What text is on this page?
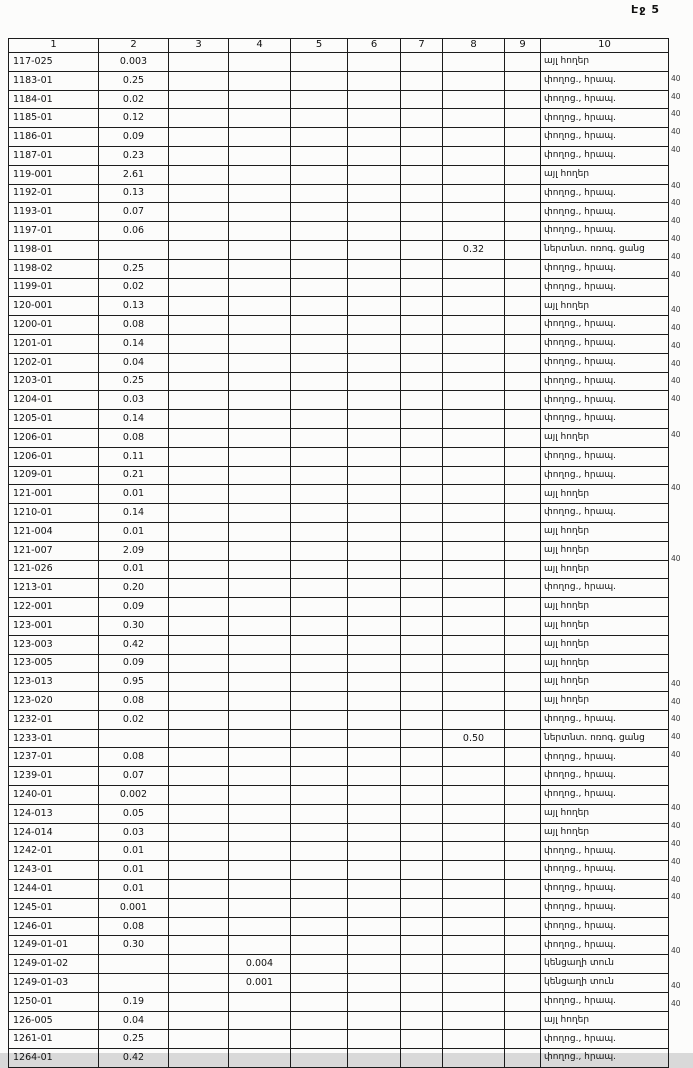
Էջ 5
1	2	3	4	5	6	7	8	9	10
117-025	0.003								այլ հողեր
1183-01	0.25								փողոց., հրապ.
1184-01	0.02								փողոց., հրապ.
1185-01	0.12								փողոց., հրապ.
1186-01	0.09								փողոց., հրապ.
1187-01	0.23								փողոց., հրապ.
119-001	2.61								այլ հողեր
1192-01	0.13								փողոց., հրապ.
1193-01	0.07								փողոց., հրապ.
1197-01	0.06								փողոց., հրապ.
1198-01							0.32		ներտնտ. ոռոգ. ցանց
1198-02	0.25								փողոց., հրապ.
1199-01	0.02								փողոց., հրապ.
120-001	0.13								այլ հողեր
1200-01	0.08								փողոց., հրապ.
1201-01	0.14								փողոց., հրապ.
1202-01	0.04								փողոց., հրապ.
1203-01	0.25								փողոց., հրապ.
1204-01	0.03								փողոց., հրապ.
1205-01	0.14								փողոց., հրապ.
1206-01	0.08								այլ հողեր
1206-01	0.11								փողոց., հրապ.
1209-01	0.21								փողոց., հրապ.
121-001	0.01								այլ հողեր
1210-01	0.14								փողոց., հրապ.
121-004	0.01								այլ հողեր
121-007	2.09								այլ հողեր
121-026	0.01								այլ հողեր
1213-01	0.20								փողոց., հրապ.
122-001	0.09								այլ հողեր
123-001	0.30								այլ հողեր
123-003	0.42								այլ հողեր
123-005	0.09								այլ հողեր
123-013	0.95								այլ հողեր
123-020	0.08								այլ հողեր
1232-01	0.02								փողոց., հրապ.
1233-01							0.50		ներտնտ. ոռոգ. ցանց
1237-01	0.08								փողոց., հրապ.
1239-01	0.07								փողոց., հրապ.
1240-01	0.002								փողոց., հրապ.
124-013	0.05								այլ հողեր
124-014	0.03								այլ հողեր
1242-01	0.01								փողոց., հրապ.
1243-01	0.01								փողոց., հրապ.
1244-01	0.01								փողոց., հրապ.
1245-01	0.001								փողոց., հրապ.
1246-01	0.08								փողոց., հրապ.
1249-01-01	0.30								փողոց., հրապ.
1249-01-02			0.004						կենցաղի տուն
1249-01-03			0.001						կենցաղի տուն
1250-01	0.19								փողոց., հրապ.
126-005	0.04								այլ հողեր
1261-01	0.25								փողոց., հրապ.
1264-01	0.42								փողոց., հրապ.
40
40
40
40
40
40
40
40
40
40
40
40
40
40
40
40
40
40
40
40
40
40
40
40
40
40
40
40
40
40
40
40
40
40
